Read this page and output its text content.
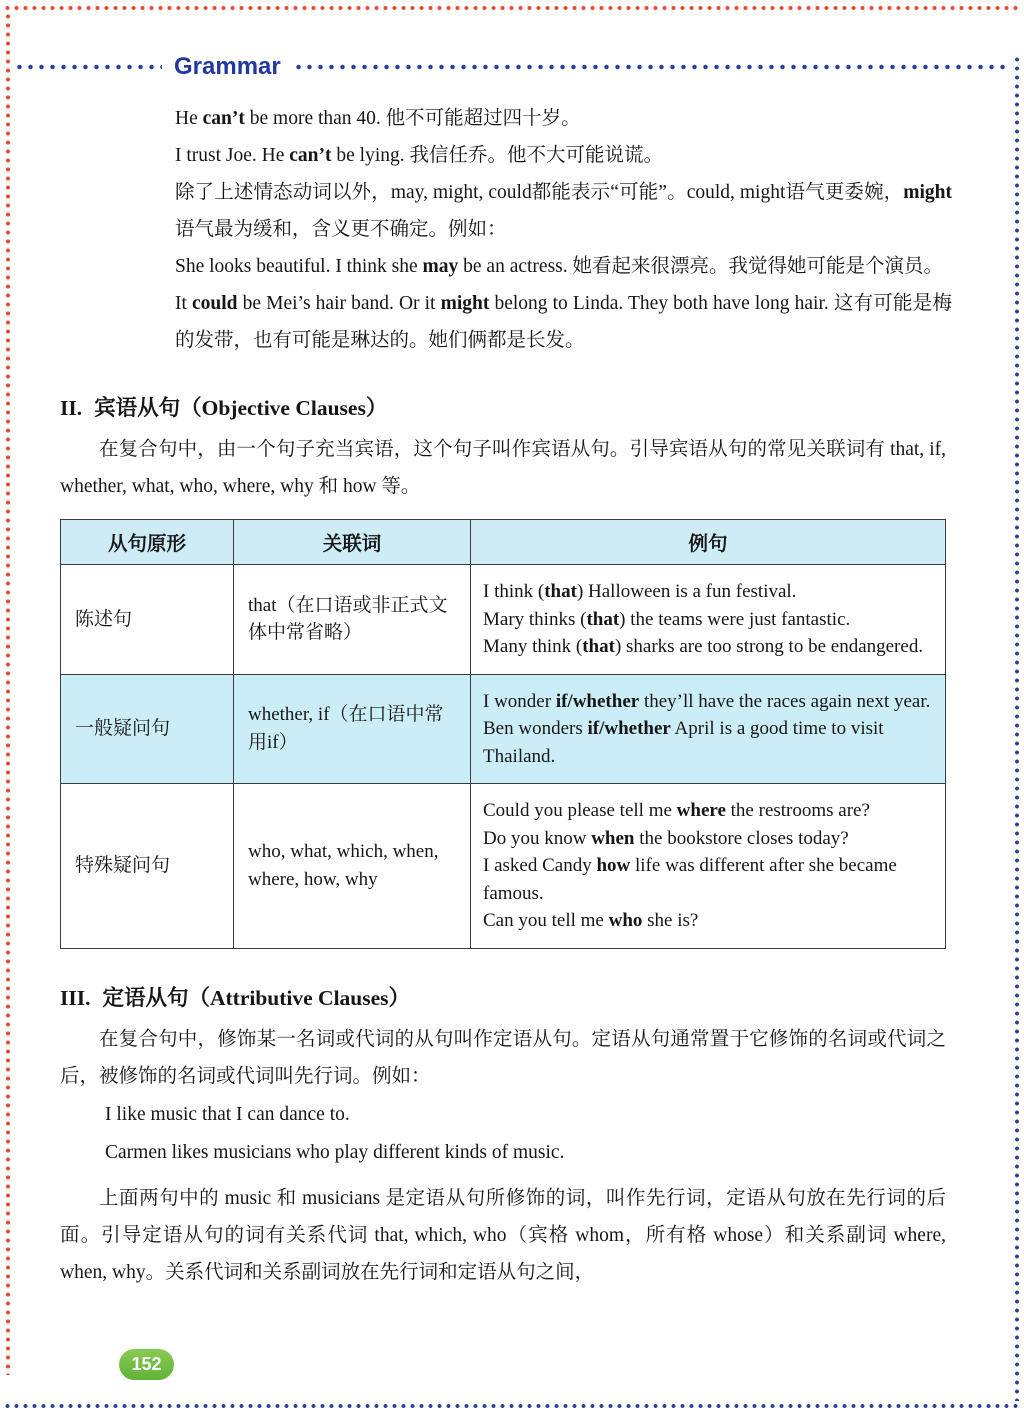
Grammar

He can’t be more than 40. 他不可能超过四十岁。

I trust Joe. He can’t be lying. 我信任乔。他不大可能说谎。

除了上述情态动词以外，may, might, could都能表示“可能”。could, might语气更委婉，might语气最为缓和，含义更不确定。例如：

She looks beautiful. I think she may be an actress. 她看起来很漂亮。我觉得她可能是个演员。

It could be Mei’s hair band. Or it might belong to Linda. They both have long hair. 这有可能是梅的发带，也有可能是琳达的。她们俩都是长发。

II. 宾语从句（Objective Clauses）

在复合句中，由一个句子充当宾语，这个句子叫作宾语从句。引导宾语从句的常见关联词有 that, if, whether, what, who, where, why 和 how 等。

从句原形	关联词	例句
陈述句	that（在口语或非正式文体中常省略）	I think (that) Halloween is a fun festival.
Mary thinks (that) the teams were just fantastic.
Many think (that) sharks are too strong to be endangered.

一般疑问句	whether, if（在口语中常用if）	I wonder if/whether they’ll have the races again next year.
Ben wonders if/whether April is a good time to visit Thailand.

特殊疑问句	who, what, which, when, where, how, why	Could you please tell me where the restrooms are?
Do you know when the bookstore closes today?
I asked Candy how life was different after she became famous.
Can you tell me who she is?
III. 定语从句（Attributive Clauses）

在复合句中，修饰某一名词或代词的从句叫作定语从句。定语从句通常置于它修饰的名词或代词之后，被修饰的名词或代词叫先行词。例如：

I like music that I can dance to.

Carmen likes musicians who play different kinds of music.

上面两句中的 music 和 musicians 是定语从句所修饰的词，叫作先行词，定语从句放在先行词的后面。引导定语从句的词有关系代词 that, which, who（宾格 whom，所有格 whose）和关系副词 where, when, why。关系代词和关系副词放在先行词和定语从句之间，

152
